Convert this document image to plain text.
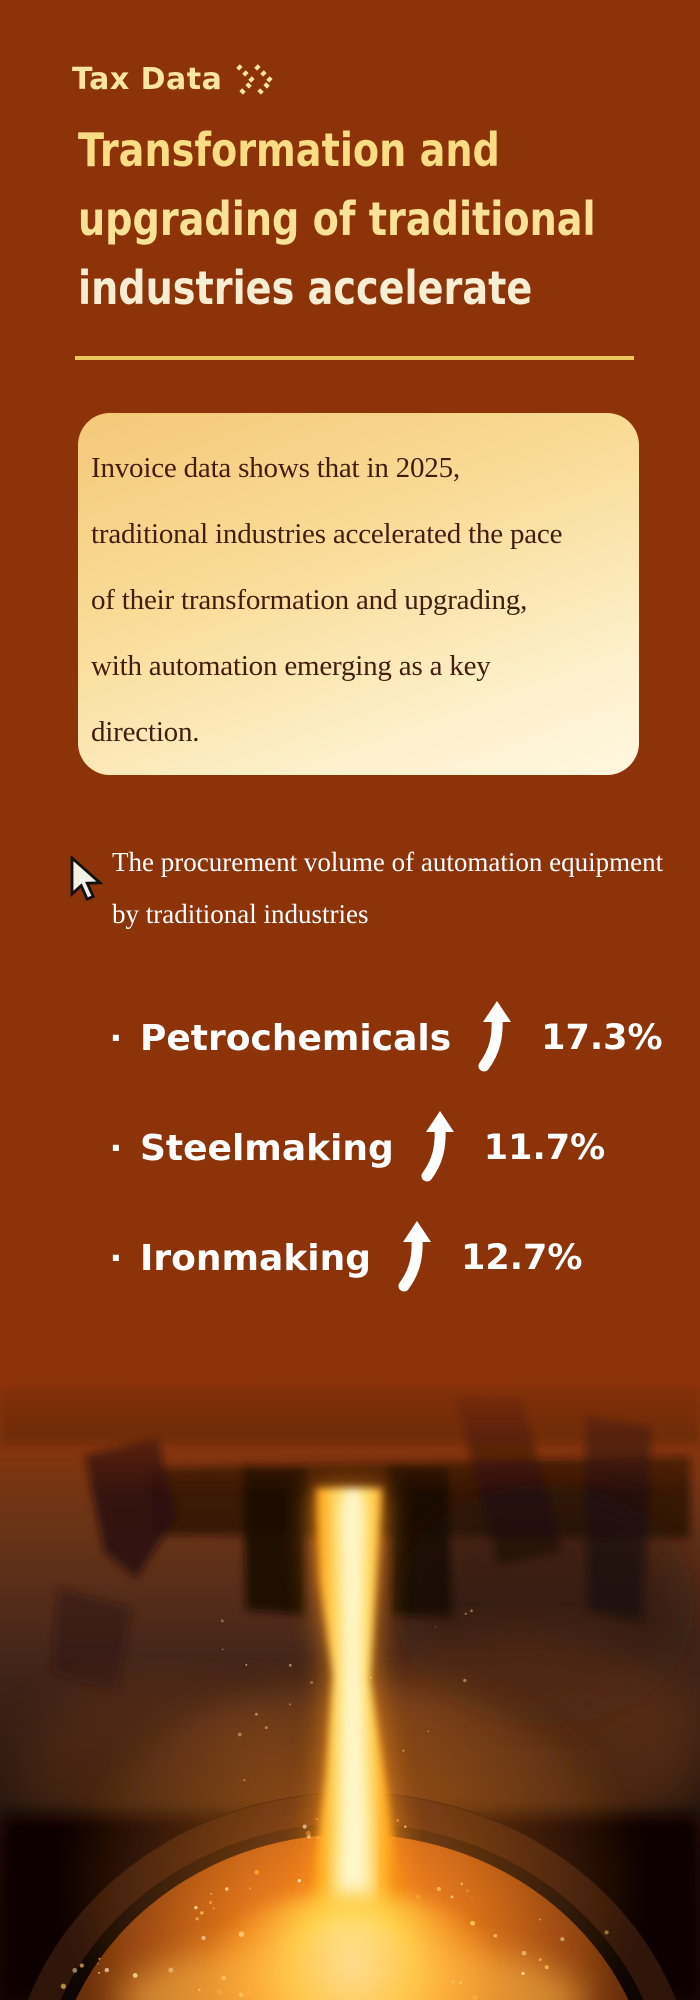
Tax Data
Transformation and
upgrading of traditional
industries accelerate
Invoice data shows that in 2025,
traditional industries accelerated the pace
of their transformation and upgrading,
with automation emerging as a key
direction.
The procurement volume of automation equipment
by traditional industries
· Petrochemicals	17.3%
· Steelmaking	11.7%
· Ironmaking	12.7%
